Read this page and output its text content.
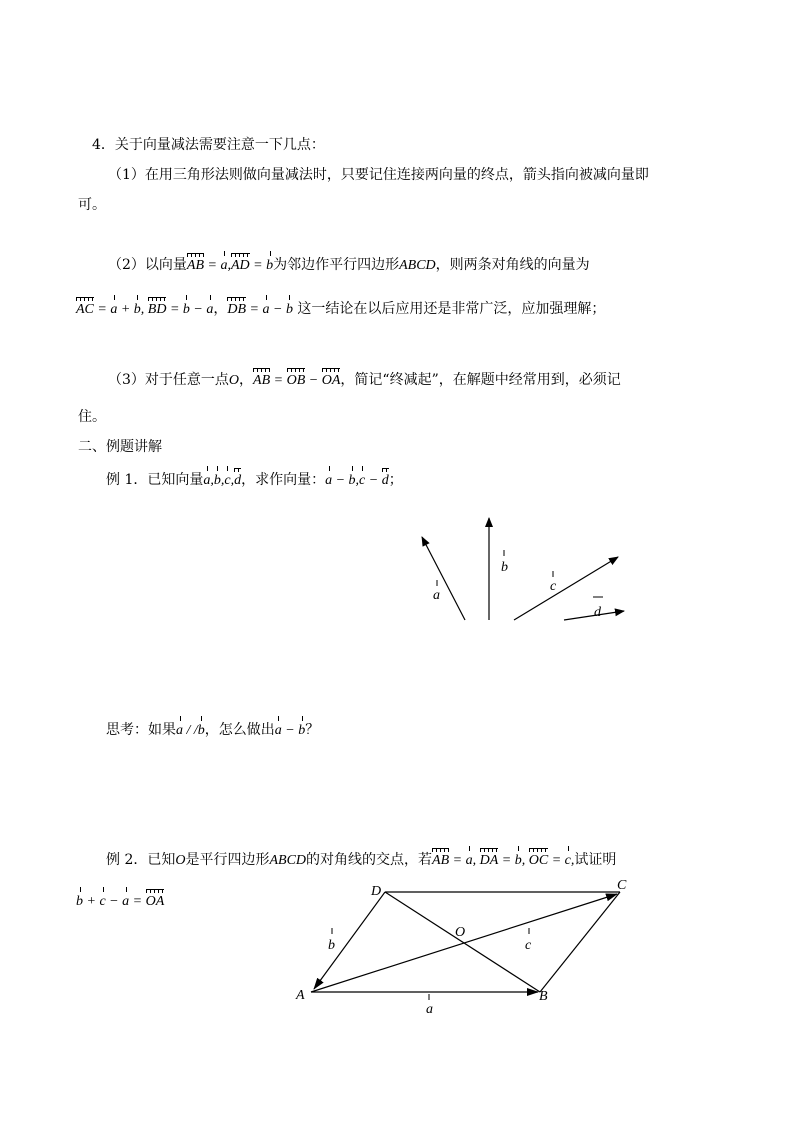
4．关于向量减法需要注意一下几点：
（1）在用三角形法则做向量减法时，只要记住连接两向量的终点，箭头指向被减向量即
可。
（2）以向量AB = a,AD = b为邻边作平行四边形ABCD，则两条对角线的向量为
AC = a + b, BD = b − a，DB = a − b 这一结论在以后应用还是非常广泛，应加强理解；
（3）对于任意一点O，AB = OB − OA，简记“终减起”，在解题中经常用到，必须记
住。
二、例题讲解
例 1．已知向量a,b,c,d，求作向量：a − b,c − d；
a
b
c
d
思考：如果a / /b，怎么做出a − b？
例 2．已知O是平行四边形ABCD的对角线的交点，若AB = a, DA = b, OC = c,试证明
b + c − a = OA
A	B
C
D
O
a
b	c
